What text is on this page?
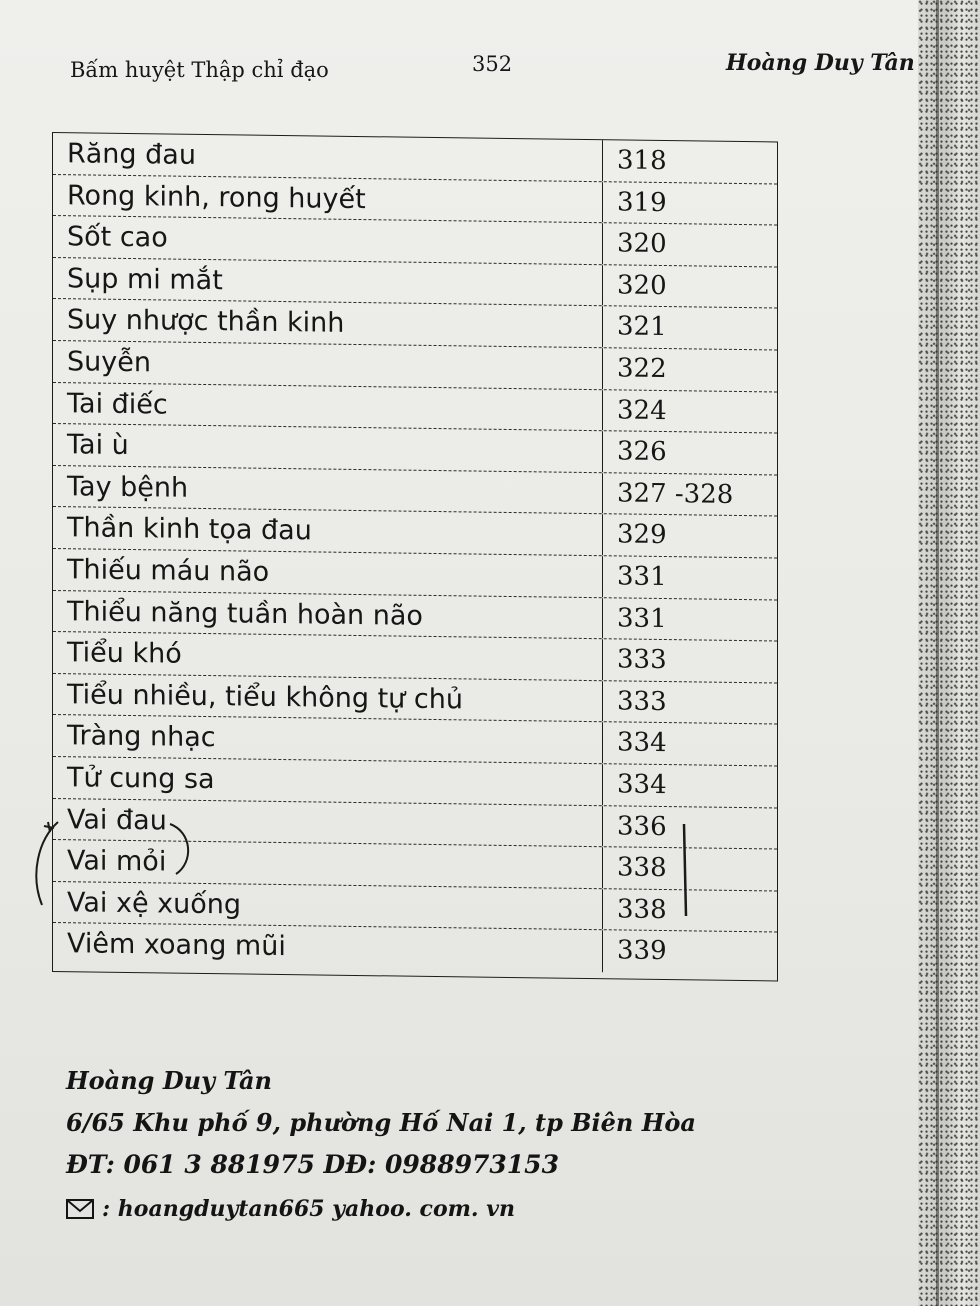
Bấm huyệt Thập chỉ đạo	352	Hoàng Duy Tân
Răng đau	318
Rong kinh, rong huyết	319
Sốt cao	320
Sụp mi mắt	320
Suy nhược thần kinh	321
Suyễn	322
Tai điếc	324
Tai ù	326
Tay bệnh	327 -328
Thần kinh tọa đau	329
Thiếu máu não	331
Thiểu năng tuần hoàn não	331
Tiểu khó	333
Tiểu nhiều, tiểu không tự chủ	333
Tràng nhạc	334
Tử cung sa	334
Vai đau	336
Vai mỏi	338
Vai xệ xuống	338
Viêm xoang mũi	339
Hoàng Duy Tân
6/65 Khu phố 9, phường Hố Nai 1, tp Biên Hòa
ĐT: 061 3 881975 DĐ: 0988973153
: hoangduytan665 yahoo. com. vn
